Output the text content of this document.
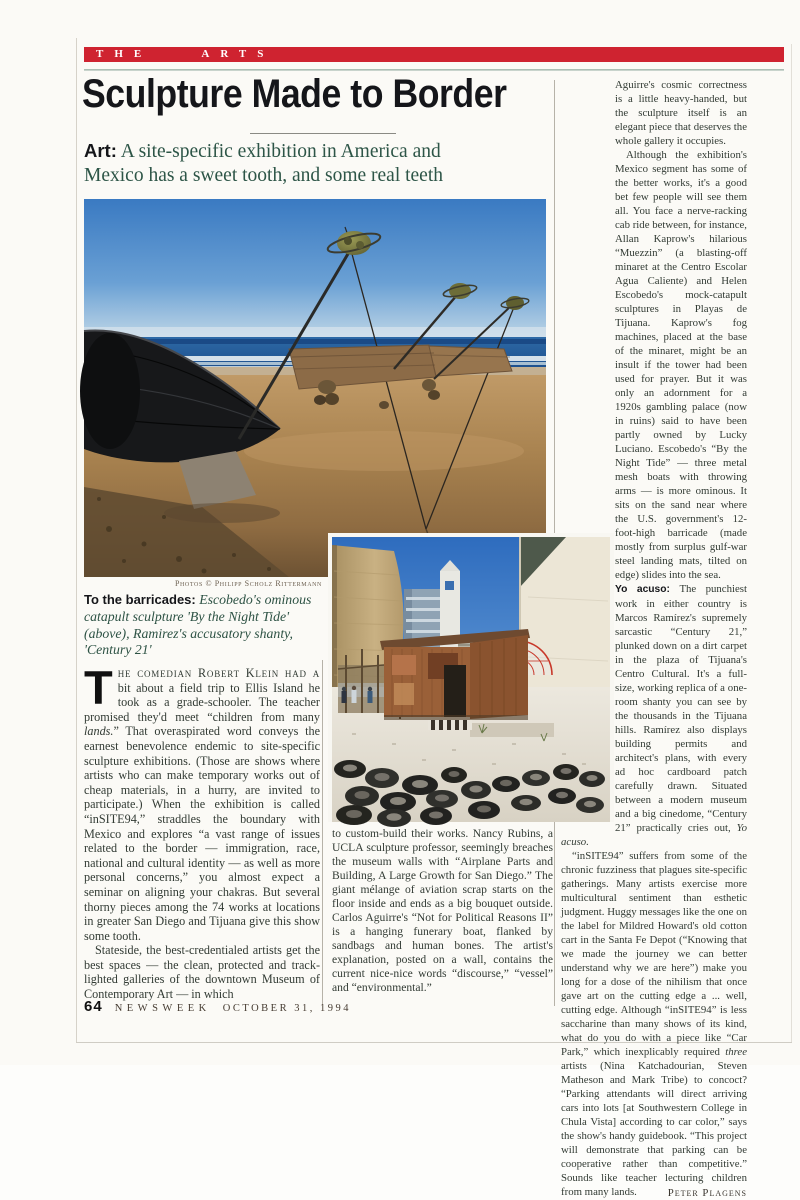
THE ARTS
Sculpture Made to Border

Art: A site-specific exhibition in America and

Mexico has a sweet tooth, and some real teeth

Photos © Philipp Scholz Rittermann
To the barricades: Escobedo's ominous catapult sculpture 'By the Night Tide' (above), Ramirez's accusatory shanty, 'Century 21'

The comedian Robert Klein had a bit about a field trip to Ellis Island he took as a grade-schooler. The teacher promised they'd meet “children from many lands.” That overaspirated word conveys the earnest benevolence endemic to site-specific sculpture exhibitions. (Those are shows where artists who can make temporary works out of cheap materials, in a hurry, are invited to participate.) When the exhibition is called “inSITE94,” straddles the boundary with Mexico and explores “a vast range of issues related to the border — immigration, race, national and cultural identity — as well as more personal concerns,” you almost expect a seminar on aligning your chakras. But several thorny pieces among the 74 works at locations in greater San Diego and Tijuana give this show some tooth.

Stateside, the best-credentialed artists get the best spaces — the clean, protected and track-lighted galleries of the downtown Museum of Contemporary Art — in which

to custom-build their works. Nancy Rubins, a UCLA sculpture professor, seemingly breaches the museum walls with “Airplane Parts and Building, A Large Growth for San Diego.” The giant mélange of aviation scrap starts on the floor inside and ends as a big bouquet outside. Carlos Aguirre's “Not for Political Reasons II” is a hanging funerary boat, flanked by sandbags and human bones. The artist's explanation, posted on a wall, contains the current nice-nice words “discourse,” “vessel” and “environmental.”

Aguirre's cosmic correctness is a little heavy-handed, but the sculpture itself is an elegant piece that deserves the whole gallery it occupies.

Although the exhibition's Mexico segment has some of the better works, it's a good bet few people will see them all. You face a nerve-racking cab ride between, for instance, Allan Kaprow's hilarious “Muezzin” (a blasting-off minaret at the Centro Escolar Agua Caliente) and Helen Escobedo's mock-catapult sculptures in Playas de Tijuana. Kaprow's fog machines, placed at the base of the minaret, might be an insult if the tower had been used for prayer. But it was only an adornment for a 1920s gambling palace (now in ruins) said to have been partly owned by Lucky Luciano. Escobedo's “By the Night Tide” — three metal mesh boats with throwing arms — is more ominous. It sits on the sand near where the U.S. government's 12-foot-high barricade (made mostly from surplus gulf-war steel landing mats, tilted on edge) slides into the sea.

Yo acuso: The punchiest work in either country is Marcos Ramírez's supremely sarcastic “Century 21,” plunked down on a dirt carpet in the plaza of Tijuana's Centro Cultural. It's a full-size, working replica of a one-room shanty you can see by the thousands in the Tijuana hills. Ramírez also displays building permits and architect's plans, with every ad hoc cardboard patch carefully drawn. Situated between a modern museum and a big cinedome, “Century 21” practically cries out, Yo acuso.

“inSITE94” suffers from some of the chronic fuzziness that plagues site-specific gatherings. Many artists exercise more multicultural sentiment than esthetic judgment. Huggy messages like the one on the label for Mildred Howard's old cotton cart in the Santa Fe Depot (“Knowing that we made the journey we can better understand why we are here”) make you long for a dose of the nihilism that once gave art on the cutting edge a ... well, cutting edge. Although “inSITE94” is less saccharine than many shows of its kind, what do you do with a piece like “Car Park,” which inexplicably required three artists (Nina Katchadourian, Steven Matheson and Mark Tribe) to concoct? “Parking attendants will direct arriving cars into lots [at Southwestern College in Chula Vista] according to car color,” says the show's handy guidebook. “This project will demonstrate that parking can be cooperative rather than competitive.” Sounds like teacher lecturing children from many lands.	Peter Plagens

64 NEWSWEEK OCTOBER 31, 1994
